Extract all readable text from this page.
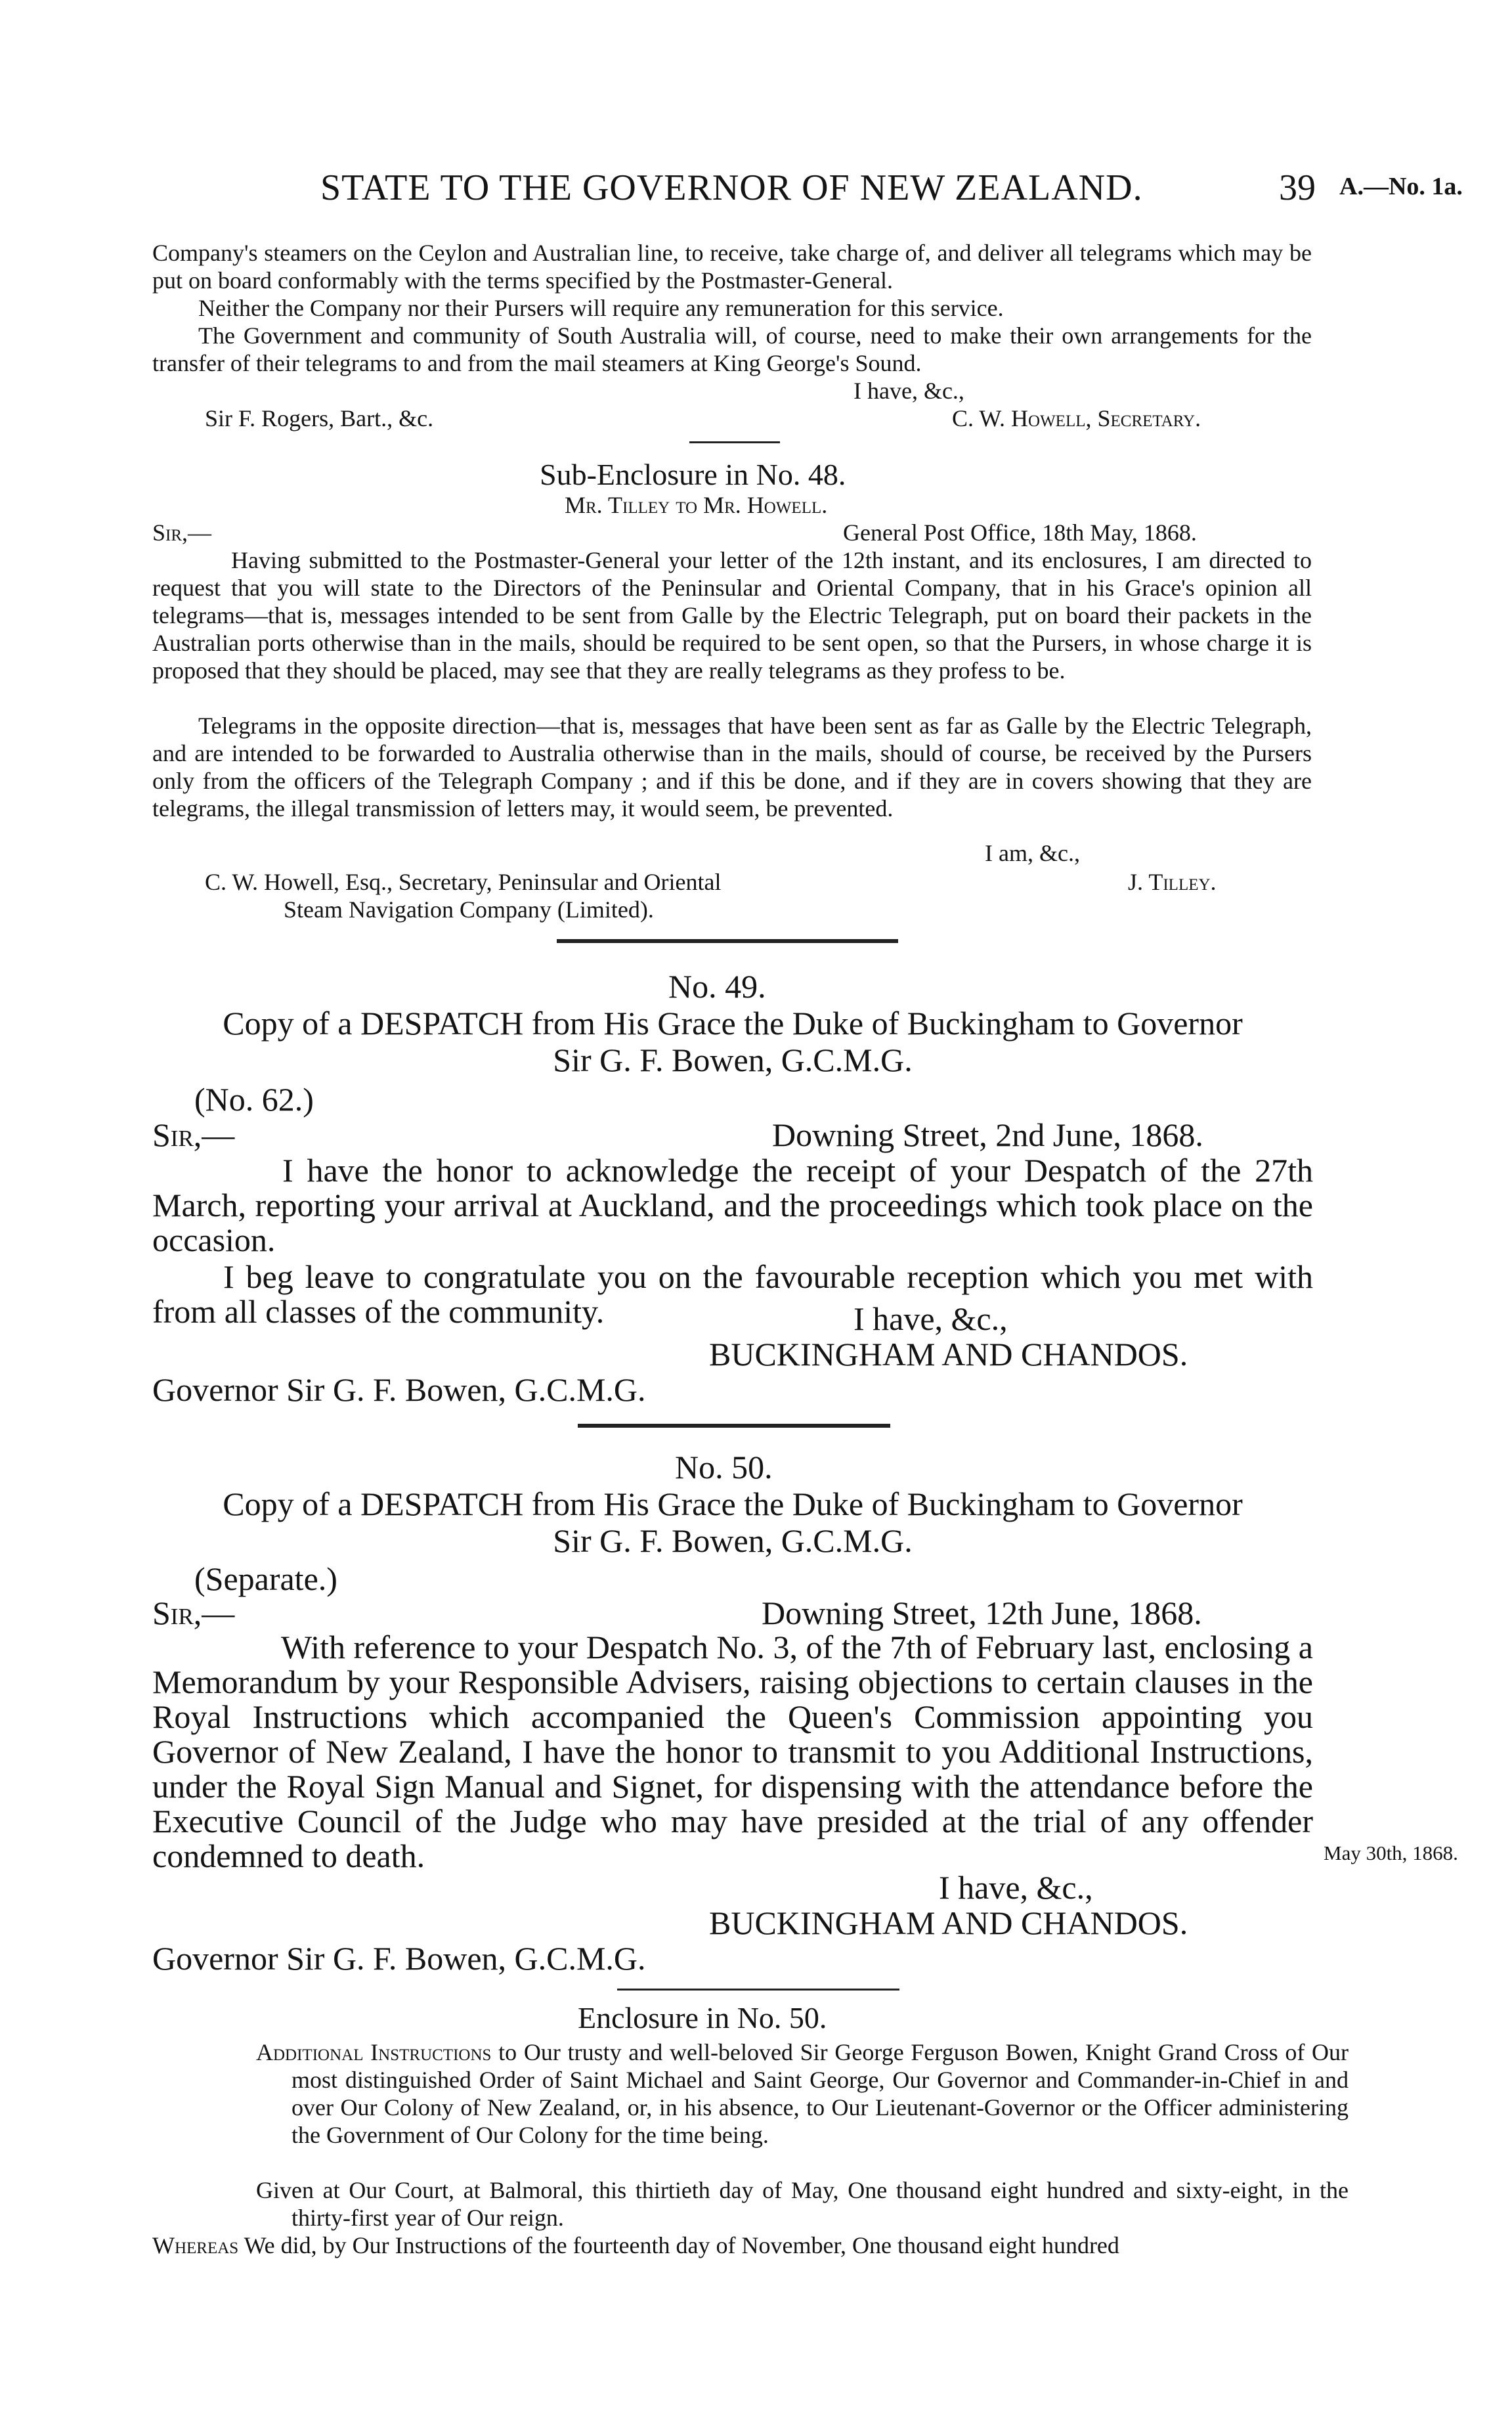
STATE TO THE GOVERNOR OF NEW ZEALAND.	39 A.—No. 1a.
Company's steamers on the Ceylon and Australian line, to receive, take charge of, and deliver all telegrams which may be put on board conformably with the terms specified by the Postmaster-General.
Neither the Company nor their Pursers will require any remuneration for this service.
The Government and community of South Australia will, of course, need to make their own arrangements for the transfer of their telegrams to and from the mail steamers at King George's Sound.
I have, &c.,
Sir F. Rogers, Bart., &c.	C. W. Howell, Secretary.
Sub-Enclosure in No. 48.
Mr. Tilley to Mr. Howell.
Sir,—	General Post Office, 18th May, 1868.
Having submitted to the Postmaster-General your letter of the 12th instant, and its enclosures, I am directed to request that you will state to the Directors of the Peninsular and Oriental Company, that in his Grace's opinion all telegrams—that is, messages intended to be sent from Galle by the Electric Telegraph, put on board their packets in the Australian ports otherwise than in the mails, should be required to be sent open, so that the Pursers, in whose charge it is proposed that they should be placed, may see that they are really telegrams as they profess to be.
Telegrams in the opposite direction—that is, messages that have been sent as far as Galle by the Electric Telegraph, and are intended to be forwarded to Australia otherwise than in the mails, should of course, be received by the Pursers only from the officers of the Telegraph Company ; and if this be done, and if they are in covers showing that they are telegrams, the illegal transmission of letters may, it would seem, be prevented.
I am, &c.,
C. W. Howell, Esq., Secretary, Peninsular and Oriental	J. Tilley.
Steam Navigation Company (Limited).
No. 49.
Copy of a DESPATCH from His Grace the Duke of Buckingham to Governor
Sir G. F. Bowen, G.C.M.G.
(No. 62.)
Sir,—	Downing Street, 2nd June, 1868.
I have the honor to acknowledge the receipt of your Despatch of the 27th March, reporting your arrival at Auckland, and the proceedings which took place on the occasion.
I beg leave to congratulate you on the favourable reception which you met with from all classes of the community.	I have, &c.,
BUCKINGHAM AND CHANDOS.
Governor Sir G. F. Bowen, G.C.M.G.
No. 50.
Copy of a DESPATCH from His Grace the Duke of Buckingham to Governor
Sir G. F. Bowen, G.C.M.G.
(Separate.)
Sir,—	Downing Street, 12th June, 1868.
With reference to your Despatch No. 3, of the 7th of February last, enclosing a Memorandum by your Responsible Advisers, raising objections to certain clauses in the Royal Instructions which accompanied the Queen's Commission appointing you Governor of New Zealand, I have the honor to transmit to you Additional Instructions, under the Royal Sign Manual and Signet, for dispensing with the attendance before the Executive Council of the Judge who may have presided at the trial of any offender condemned to death.	May 30th, 1868.
I have, &c.,
BUCKINGHAM AND CHANDOS.
Governor Sir G. F. Bowen, G.C.M.G.
Enclosure in No. 50.
Additional Instructions to Our trusty and well-beloved Sir George Ferguson Bowen, Knight Grand Cross of Our most distinguished Order of Saint Michael and Saint George, Our Governor and Commander-in-Chief in and over Our Colony of New Zealand, or, in his absence, to Our Lieutenant-Governor or the Officer administering the Government of Our Colony for the time being.
Given at Our Court, at Balmoral, this thirtieth day of May, One thousand eight hundred and sixty-eight, in the thirty-first year of Our reign.
Whereas We did, by Our Instructions of the fourteenth day of November, One thousand eight hundred
